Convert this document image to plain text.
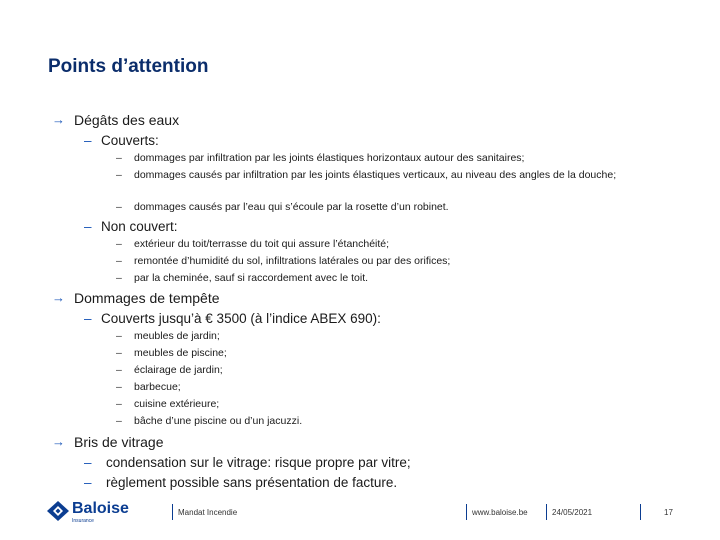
Points d’attention
→ Dégâts des eaux
– Couverts:
– dommages par infiltration par les joints élastiques horizontaux autour des sanitaires;
– dommages causés par infiltration par les joints élastiques verticaux, au niveau des angles de la douche;
– dommages causés par l’eau qui s’écoule par la rosette d’un robinet.
– Non couvert:
– extérieur du toit/terrasse du toit qui assure l’étanchéité;
– remontée d’humidité du sol, infiltrations latérales ou par des orifices;
– par la cheminée, sauf si raccordement avec le toit.
→ Dommages de tempête
– Couverts jusqu’à € 3500 (à l’indice ABEX 690):
– meubles de jardin;
– meubles de piscine;
– éclairage de jardin;
– barbecue;
– cuisine extérieure;
– bâche d’une piscine ou d’un jacuzzi.
→ Bris de vitrage
– condensation sur le vitrage: risque propre par vitre;
– règlement possible sans présentation de facture.
Baloise
Insurance
Mandat Incendie	www.baloise.be	24/05/2021	17
